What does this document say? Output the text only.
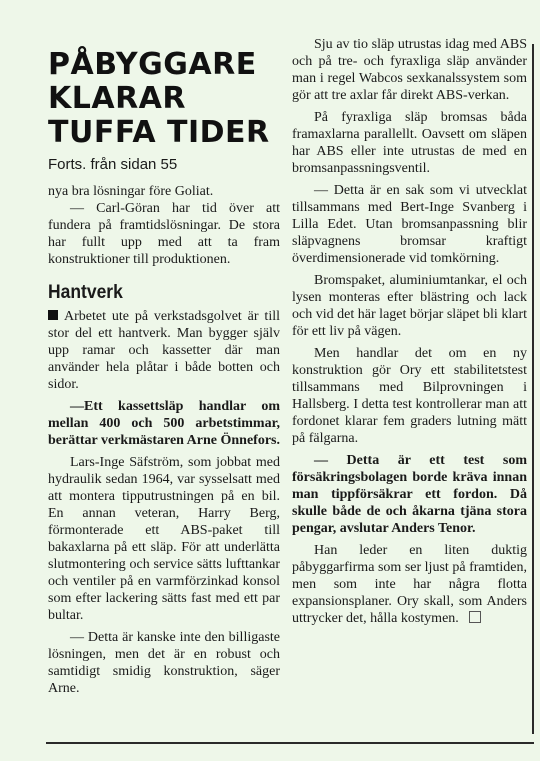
PÅBYGGARE
KLARAR
TUFFA TIDER
Forts. från sidan 55

nya bra lösningar före Goliat.

— Carl-Göran har tid över att fundera på framtidslösningar. De stora har fullt upp med att ta fram konstruktioner till produktionen.

Hantverk

Arbetet ute på verkstadsgolvet är till stor del ett hantverk. Man bygger själv upp ramar och kassetter där man använder hela plåtar i både botten och sidor.

—Ett kassettsläp handlar om mellan 400 och 500 arbetstimmar, berättar verkmästaren Arne Önnefors.

Lars-Inge Säfström, som jobbat med hydraulik sedan 1964, var sysselsatt med att montera tipputrustningen på en bil. En annan veteran, Harry Berg, förmonterade ett ABS-paket till bakaxlarna på ett släp. För att underlätta slutmontering och service sätts lufttankar och ventiler på en varmförzinkad konsol som efter lackering sätts fast med ett par bultar.

— Detta är kanske inte den billigaste lösningen, men det är en robust och samtidigt smidig konstruktion, säger Arne.

Sju av tio släp utrustas idag med ABS och på tre- och fyraxliga släp använder man i regel Wabcos sexkanalssystem som gör att tre axlar får direkt ABS-verkan.

På fyraxliga släp bromsas båda framaxlarna parallellt. Oavsett om släpen har ABS eller inte utrustas de med en bromsanpassningsventil.

— Detta är en sak som vi utvecklat tillsammans med Bert-Inge Svanberg i Lilla Edet. Utan bromsanpassning blir släpvagnens bromsar kraftigt överdimensionerade vid tomkörning.

Bromspaket, aluminiumtankar, el och lysen monteras efter blästring och lack och vid det här laget börjar släpet bli klart för ett liv på vägen.

Men handlar det om en ny konstruktion gör Ory ett stabilitetstest tillsammans med Bilprovningen i Hallsberg. I detta test kontrollerar man att fordonet klarar fem graders lutning mätt på fälgarna.

— Detta är ett test som försäkringsbolagen borde kräva innan man tippförsäkrar ett fordon. Då skulle både de och åkarna tjäna stora pengar, avslutar Anders Tenor.

Han leder en liten duktig påbyggarfirma som ser ljust på framtiden, men som inte har några flotta expansionsplaner. Ory skall, som Anders uttrycker det, hålla kostymen.
